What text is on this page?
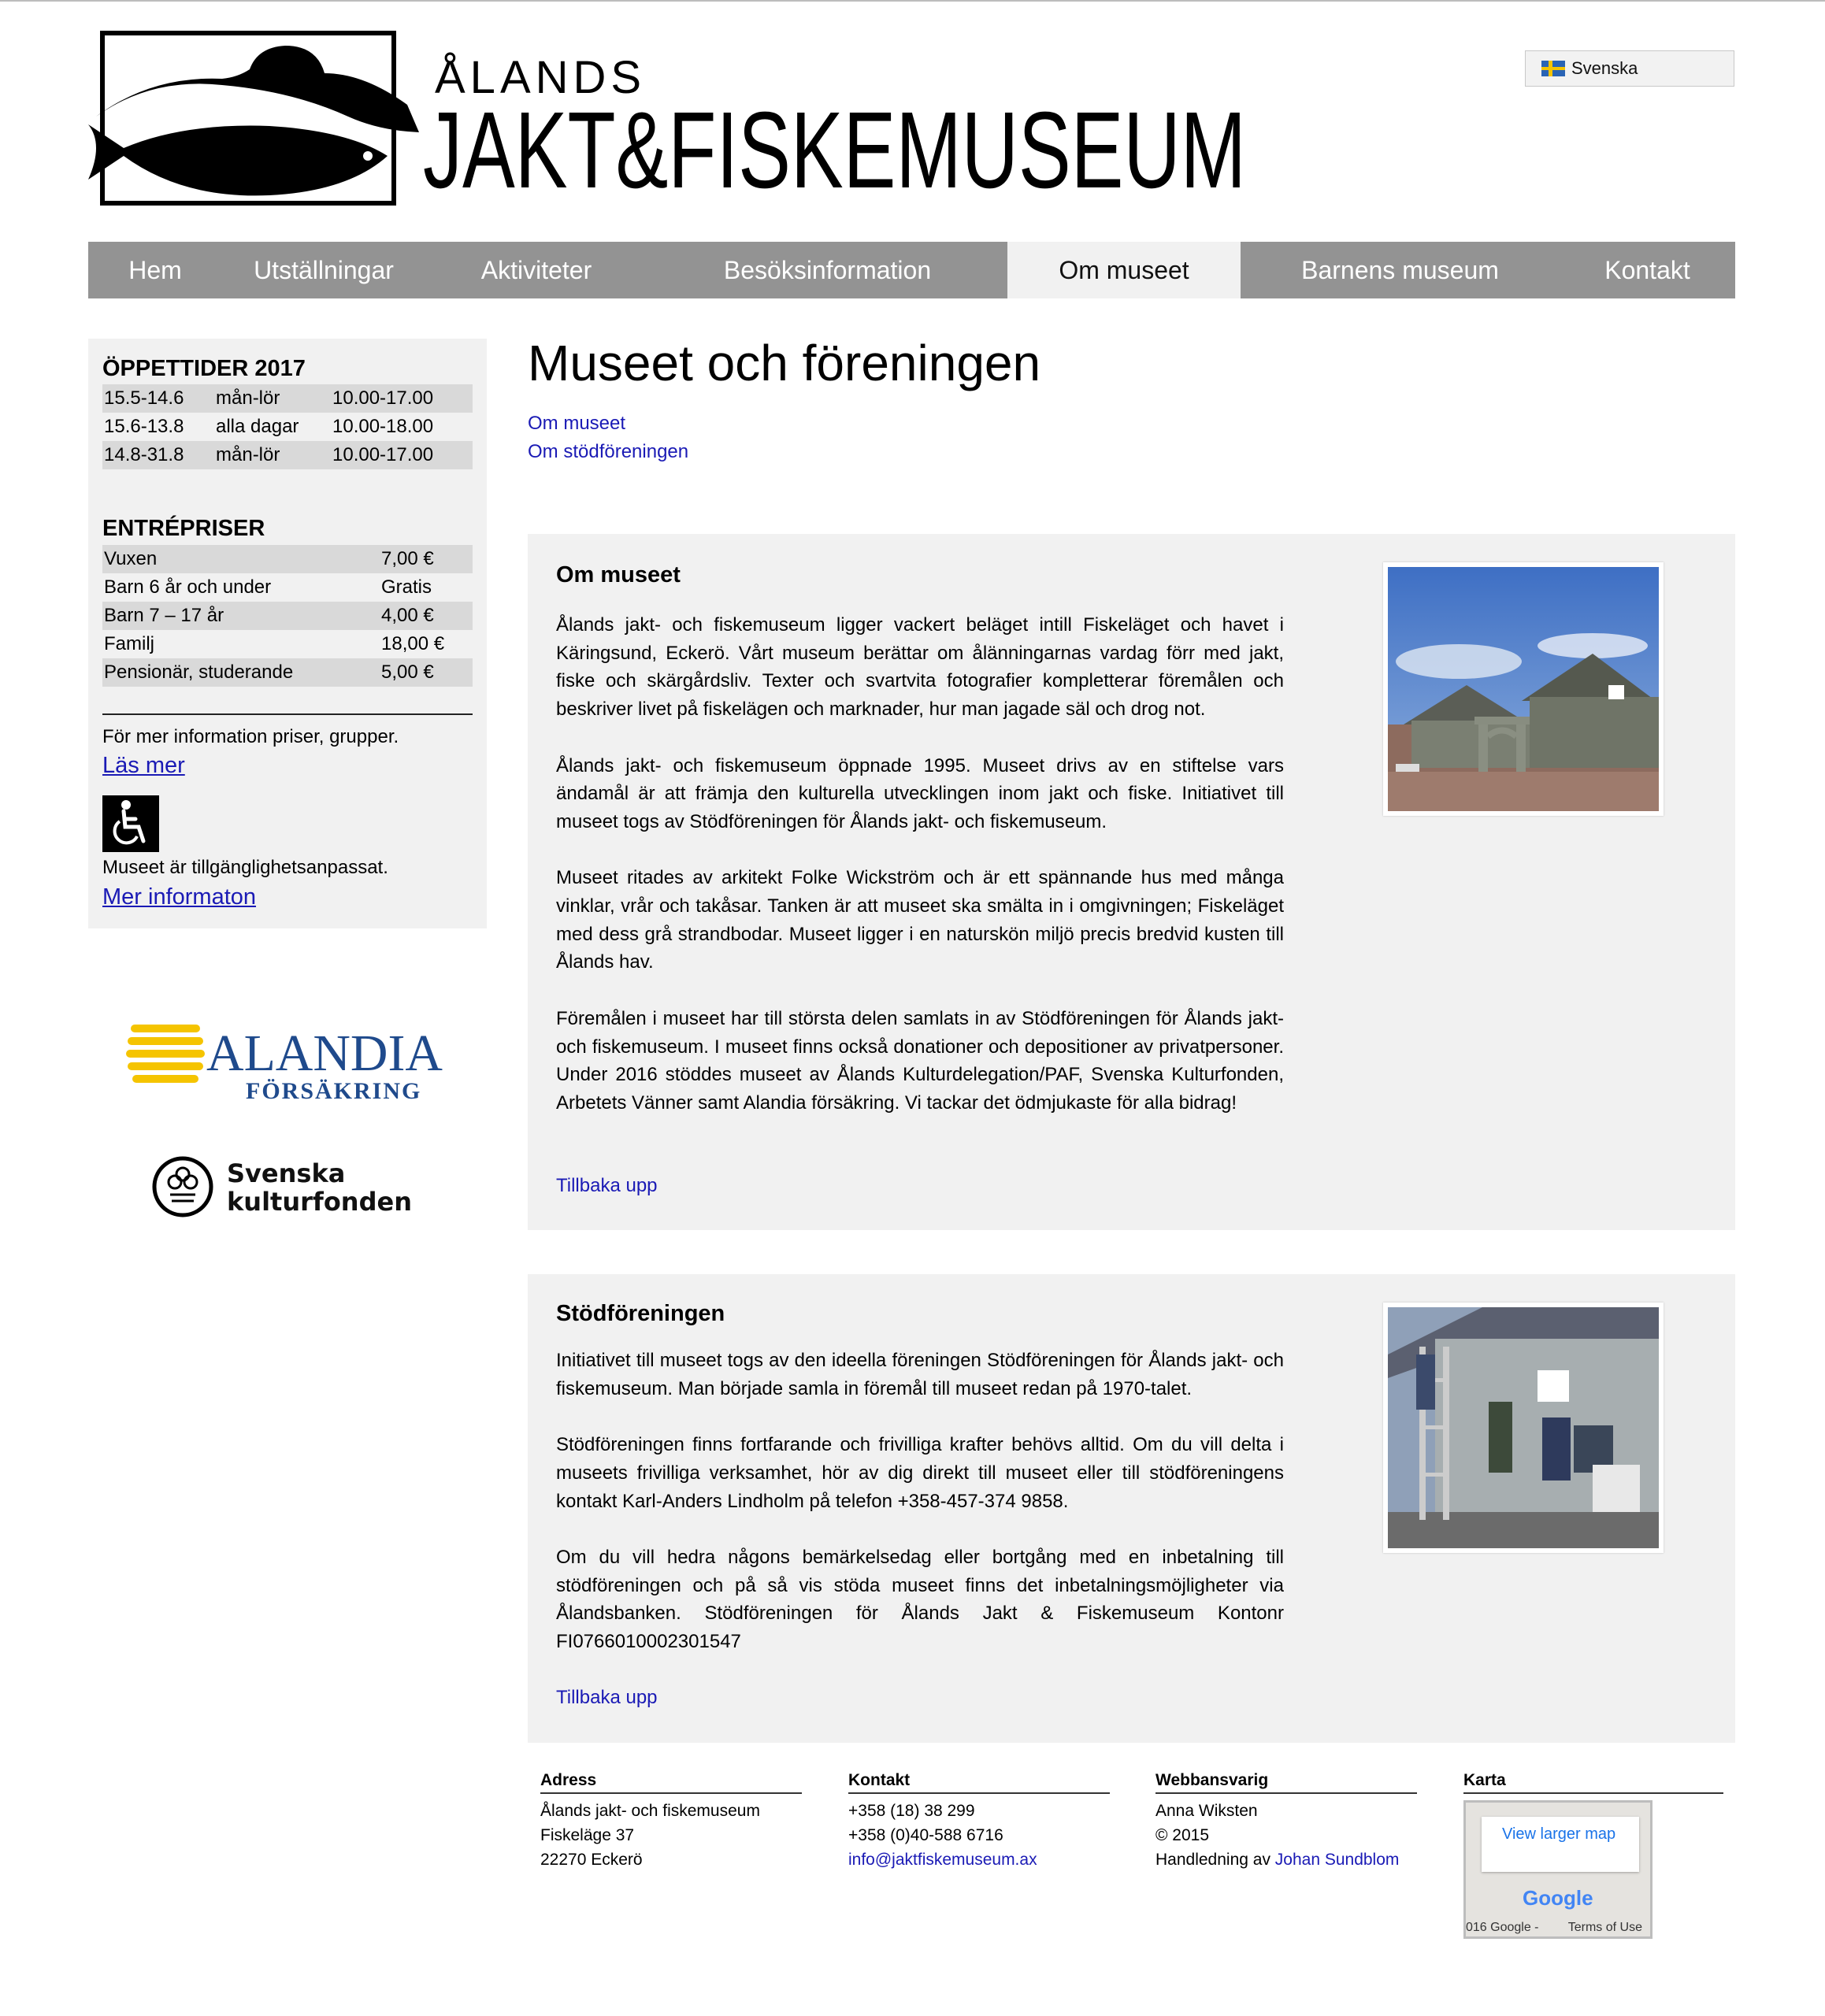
ÅLANDS
JAKT&FISKEMUSEUM
Svenska
Hem	Utställningar	Aktiviteter	Besöksinformation	Om museet	Barnens museum	Kontakt
ÖPPETTIDER 2017
15.5-14.6	mån-lör	10.00-17.00
15.6-13.8	alla dagar	10.00-18.00
14.8-31.8	mån-lör	10.00-17.00
ENTRÉPRISER
Vuxen	7,00 €
Barn 6 år och under	Gratis
Barn 7 – 17 år	4,00 €
Familj	18,00 €
Pensionär, studerande	5,00 €
För mer information priser, grupper.
Läs mer
Museet är tillgänglighetsanpassat.
Mer informaton
ALANDIA
FÖRSÄKRING
Svenska
kulturfonden
Museet och föreningen
Om museet
Om stödföreningen
Om museet

Ålands jakt- och fiskemuseum ligger vackert beläget intill Fiskeläget och havet i Käringsund, Eckerö. Vårt museum berättar om ålänningarnas vardag förr med jakt, fiske och skärgårdsliv. Texter och svartvita fotografier kompletterar föremålen och beskriver livet på fiskelägen och marknader, hur man jagade säl och drog not.

Ålands jakt- och fiskemuseum öppnade 1995. Museet drivs av en stiftelse vars ändamål är att främja den kulturella utvecklingen inom jakt och fiske. Initiativet till museet togs av Stödföreningen för Ålands jakt- och fiskemuseum.

Museet ritades av arkitekt Folke Wickström och är ett spännande hus med många vinklar, vrår och takåsar. Tanken är att museet ska smälta in i omgivningen; Fiskeläget med dess grå strandbodar. Museet ligger i en naturskön miljö precis bredvid kusten till Ålands hav.

Föremålen i museet har till största delen samlats in av Stödföreningen för Ålands jakt- och fiskemuseum. I museet finns också donationer och depositioner av privatpersoner. Under 2016 stöddes museet av Ålands Kulturdelegation/PAF, Svenska Kulturfonden, Arbetets Vänner samt Alandia försäkring. Vi tackar det ödmjukaste för alla bidrag!

Tillbaka upp
Stödföreningen

Initiativet till museet togs av den ideella föreningen Stödföreningen för Ålands jakt- och fiskemuseum. Man började samla in föremål till museet redan på 1970-talet.

Stödföreningen finns fortfarande och frivilliga krafter behövs alltid. Om du vill delta i museets frivilliga verksamhet, hör av dig direkt till museet eller till stödföreningens kontakt Karl-Anders Lindholm på telefon +358-457-374 9858.

Om du vill hedra någons bemärkelsedag eller bortgång med en inbetalning till stödföreningen och på så vis stöda museet finns det inbetalningsmöjligheter via Ålandsbanken. Stödföreningen för Ålands Jakt & Fiskemuseum Kontonr FI0766010002301547

Tillbaka upp
Adress
Ålands jakt- och fiskemuseum
Fiskeläge 37
22270 Eckerö
Kontakt
+358 (18) 38 299
+358 (0)40-588 6716
info@jaktfiskemuseum.ax
Webbansvarig
Anna Wiksten
© 2015
Handledning av Johan Sundblom
Karta
View larger map
Google
016 Google - Terms of Use
